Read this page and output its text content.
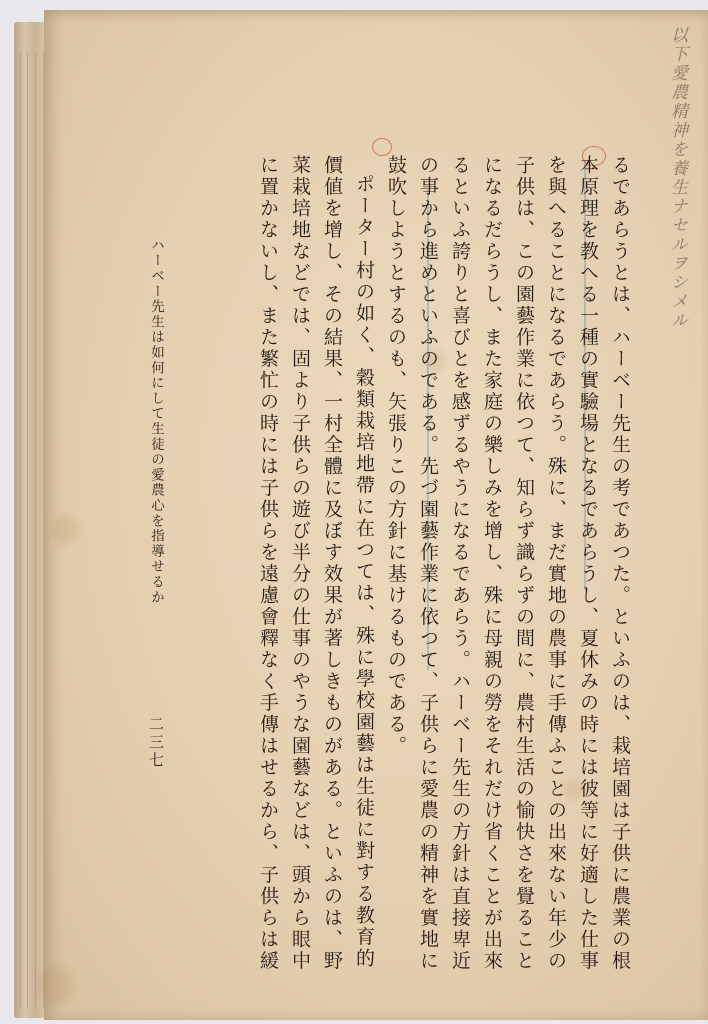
以下愛農精神を養生ナセルヲシメル
るであらうとは、ハーベー先生の考であつた。といふのは、栽培園は子供に農業の根
本原理を教へる一種の實驗場となるであらうし、夏休みの時には彼等に好適した仕事
を與へることになるであらう。殊に、まだ實地の農事に手傳ふことの出來ない年少の
子供は、この園藝作業に依つて、知らず識らずの間に、農村生活の愉快さを覺ること
になるだらうし、また家庭の樂しみを增し、殊に母親の勞をそれだけ省くことが出來
るといふ誇りと喜びとを感ずるやうになるであらう。ハーベー先生の方針は直接卑近
の事から進めといふのである。先づ園藝作業に依つて、子供らに愛農の精神を實地に
鼓吹しようとするのも、矢張りこの方針に基けるものである。
ポーター村の如く、穀類栽培地帶に在つては、殊に學校園藝は生徒に對する教育的
價値を增し、その結果、一村全體に及ぼす效果が著しきものがある。といふのは、野
菜栽培地などでは、固より子供らの遊び半分の仕事のやうな園藝などは、頭から眼中
に置かないし、また繁忙の時には子供らを遠慮會釋なく手傳はせるから、子供らは緩
ハーベー先生は如何にして生徒の愛農心を指導せるか
二三七
